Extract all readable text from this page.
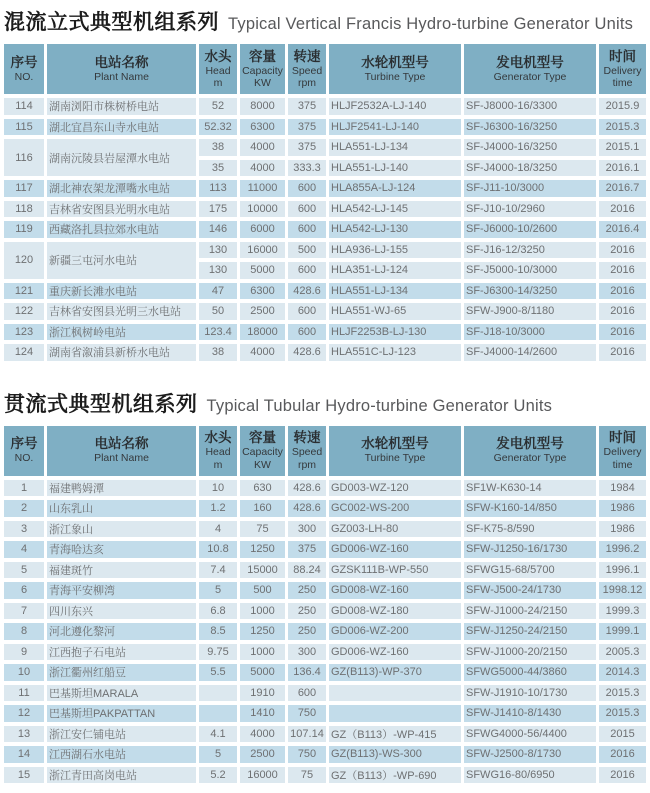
混流立式典型机组系列 Typical Vertical Francis Hydro-turbine Generator Units
序号
NO.	电站名称
Plant Name	水头
Head
m	容量
Capacity
KW	转速
Speed
rpm	水轮机型号
Turbine Type	发电机型号
Generator Type	时间
Delivery
time

114	湖南浏阳市株树桥电站	52	8000	375	HLJF2532A-LJ-140	SF-J8000-16/3300	2015.9
115	湖北宜昌东山寺水电站	52.32	6300	375	HLJF2541-LJ-140	SF-J6300-16/3250	2015.3
116	湖南沅陵县岩屋潭水电站	38	4000	375	HLA551-LJ-134	SF-J4000-16/3250	2015.1
		35	4000	333.3	HLA551-LJ-140	SF-J4000-18/3250	2016.1
117	湖北神农架龙潭嘴水电站	113	11000	600	HLA855A-LJ-124	SF-J11-10/3000	2016.7
118	吉林省安图县光明水电站	175	10000	600	HLA542-LJ-145	SF-J10-10/2960	2016
119	西藏洛扎县拉郊水电站	146	6000	600	HLA542-LJ-130	SF-J6000-10/2600	2016.4
120	新疆三屯河水电站	130	16000	500	HLA936-LJ-155	SF-J16-12/3250	2016
		130	5000	600	HLA351-LJ-124	SF-J5000-10/3000	2016
121	重庆新长滩水电站	47	6300	428.6	HLA551-LJ-134	SF-J6300-14/3250	2016
122	吉林省安图县光明三水电站	50	2500	600	HLA551-WJ-65	SFW-J900-8/1180	2016
123	浙江枫树岭电站	123.4	18000	600	HLJF2253B-LJ-130	SF-J18-10/3000	2016
124	湖南省溆浦县新桥水电站	38	4000	428.6	HLA551C-LJ-123	SF-J4000-14/2600	2016
贯流式典型机组系列 Typical Tubular Hydro-turbine Generator Units
序号
NO.	电站名称
Plant Name	水头
Head
m	容量
Capacity
KW	转速
Speed
rpm	水轮机型号
Turbine Type	发电机型号
Generator Type	时间
Delivery
time

1	福建鸭姆潭	10	630	428.6	GD003-WZ-120	SF1W-K630-14	1984
2	山东乳山	1.2	160	428.6	GC002-WS-200	SFW-K160-14/850	1986
3	浙江象山	4	75	300	GZ003-LH-80	SF-K75-8/590	1986
4	青海哈达亥	10.8	1250	375	GD006-WZ-160	SFW-J1250-16/1730	1996.2
5	福建斑竹	7.4	15000	88.24	GZSK111B-WP-550	SFWG15-68/5700	1996.1
6	青海平安柳湾	5	500	250	GD008-WZ-160	SFW-J500-24/1730	1998.12
7	四川东兴	6.8	1000	250	GD008-WZ-180	SFW-J1000-24/2150	1999.3
8	河北遵化黎河	8.5	1250	250	GD006-WZ-200	SFW-J1250-24/2150	1999.1
9	江西抱子石电站	9.75	1000	300	GD006-WZ-160	SFW-J1000-20/2150	2005.3
10	浙江衢州红船豆	5.5	5000	136.4	GZ(B113)-WP-370	SFWG5000-44/3860	2014.3
11	巴基斯坦MARALA		1910	600		SFW-J1910-10/1730	2015.3
12	巴基斯坦PAKPATTAN		1410	750		SFW-J1410-8/1430	2015.3
13	浙江安仁铺电站	4.1	4000	107.14	GZ（B113）-WP-415	SFWG4000-56/4400	2015
14	江西湖石水电站	5	2500	750	GZ(B113)-WS-300	SFW-J2500-8/1730	2016
15	浙江青田高岗电站	5.2	16000	75	GZ（B113）-WP-690	SFWG16-80/6950	2016
